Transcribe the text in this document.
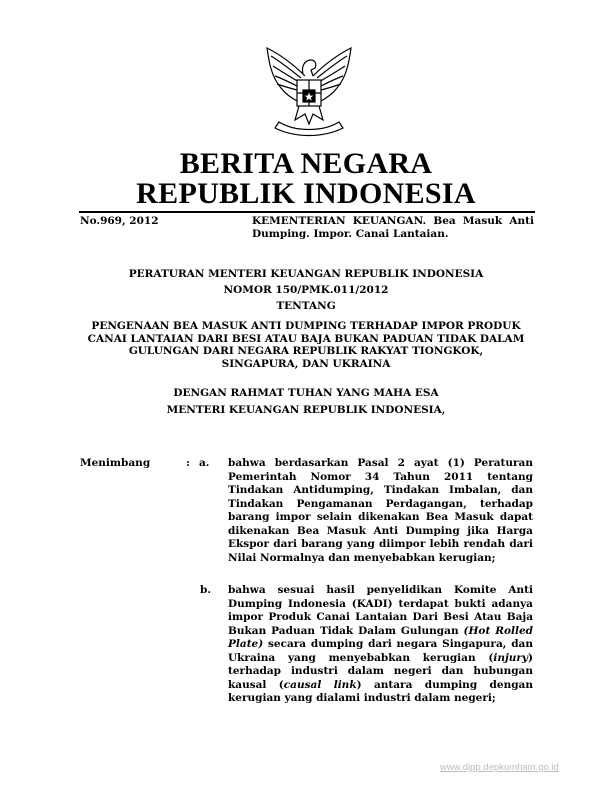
BERITA NEGARA
REPUBLIK INDONESIA
No.969, 2012	KEMENTERIAN KEUANGAN. Bea Masuk Anti Dumping. Impor. Canai Lantaian.
PERATURAN MENTERI KEUANGAN REPUBLIK INDONESIA
NOMOR 150/PMK.011/2012
TENTANG
PENGENAAN BEA MASUK ANTI DUMPING TERHADAP IMPOR PRODUK
CANAI LANTAIAN DARI BESI ATAU BAJA BUKAN PADUAN TIDAK DALAM
GULUNGAN DARI NEGARA REPUBLIK RAKYAT TIONGKOK,
SINGAPURA, DAN UKRAINA
DENGAN RAHMAT TUHAN YANG MAHA ESA
MENTERI KEUANGAN REPUBLIK INDONESIA,
Menimbang	: a. bahwa berdasarkan Pasal 2 ayat (1) Peraturan Pemerintah Nomor 34 Tahun 2011 tentang Tindakan Antidumping, Tindakan Imbalan, dan Tindakan Pengamanan Perdagangan, terhadap barang impor selain dikenakan Bea Masuk dapat dikenakan Bea Masuk Anti Dumping jika Harga Ekspor dari barang yang diimpor lebih rendah dari Nilai Normalnya dan menyebabkan kerugian;
b. bahwa sesuai hasil penyelidikan Komite Anti Dumping Indonesia (KADI) terdapat bukti adanya impor Produk Canai Lantaian Dari Besi Atau Baja Bukan Paduan Tidak Dalam Gulungan (Hot Rolled Plate) secara dumping dari negara Singapura, dan Ukraina yang menyebabkan kerugian (injury) terhadap industri dalam negeri dan hubungan kausal (causal link) antara dumping dengan kerugian yang dialami industri dalam negeri;
www.djpp.depkumham.go.id
